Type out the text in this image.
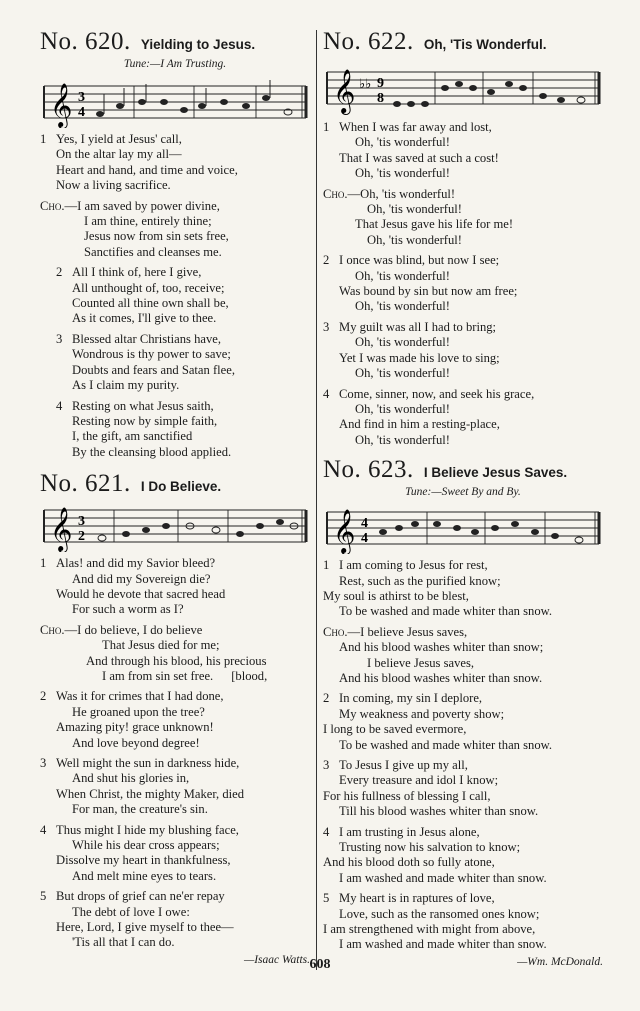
No. 620. Yielding to Jesus.
Tune:—I Am Trusting.
𝄞 3
4
1 Yes, I yield at Jesus' call,
On the altar lay my all—
Heart and hand, and time and voice,
Now a living sacrifice.
Cho.—I am saved by power divine,
I am thine, entirely thine;
Jesus now from sin sets free,
Sanctifies and cleanses me.
2 All I think of, here I give,
All unthought of, too, receive;
Counted all thine own shall be,
As it comes, I'll give to thee.
3 Blessed altar Christians have,
Wondrous is thy power to save;
Doubts and fears and Satan flee,
As I claim my purity.
4 Resting on what Jesus saith,
Resting now by simple faith,
I, the gift, am sanctified
By the cleansing blood applied.
No. 621. I Do Believe.
𝄞 3
2
1 Alas! and did my Savior bleed?
And did my Sovereign die?
Would he devote that sacred head
For such a worm as I?
Cho.—I do believe, I do believe
That Jesus died for me;
And through his blood, his precious
I am from sin set free. [blood,
2 Was it for crimes that I had done,
He groaned upon the tree?
Amazing pity! grace unknown!
And love beyond degree!
3 Well might the sun in darkness hide,
And shut his glories in,
When Christ, the mighty Maker, died
For man, the creature's sin.
4 Thus might I hide my blushing face,
While his dear cross appears;
Dissolve my heart in thankfulness,
And melt mine eyes to tears.
5 But drops of grief can ne'er repay
The debt of love I owe:
Here, Lord, I give myself to thee—
'Tis all that I can do.
—Isaac Watts.
No. 622. Oh, 'Tis Wonderful.
𝄞 ♭♭ 9
8
1 When I was far away and lost,
Oh, 'tis wonderful!
That I was saved at such a cost!
Oh, 'tis wonderful!
Cho.—Oh, 'tis wonderful!
Oh, 'tis wonderful!
That Jesus gave his life for me!
Oh, 'tis wonderful!
2 I once was blind, but now I see;
Oh, 'tis wonderful!
Was bound by sin but now am free;
Oh, 'tis wonderful!
3 My guilt was all I had to bring;
Oh, 'tis wonderful!
Yet I was made his love to sing;
Oh, 'tis wonderful!
4 Come, sinner, now, and seek his grace,
Oh, 'tis wonderful!
And find in him a resting-place,
Oh, 'tis wonderful!
No. 623. I Believe Jesus Saves.
Tune:—Sweet By and By.
𝄞 4
4
1 I am coming to Jesus for rest,
Rest, such as the purified know;
My soul is athirst to be blest,
To be washed and made whiter than snow.
Cho.—I believe Jesus saves,
And his blood washes whiter than snow;
I believe Jesus saves,
And his blood washes whiter than snow.
2 In coming, my sin I deplore,
My weakness and poverty show;
I long to be saved evermore,
To be washed and made whiter than snow.
3 To Jesus I give up my all,
Every treasure and idol I know;
For his fullness of blessing I call,
Till his blood washes whiter than snow.
4 I am trusting in Jesus alone,
Trusting now his salvation to know;
And his blood doth so fully atone,
I am washed and made whiter than snow.
5 My heart is in raptures of love,
Love, such as the ransomed ones know;
I am strengthened with might from above,
I am washed and made whiter than snow.
—Wm. McDonald.
608
